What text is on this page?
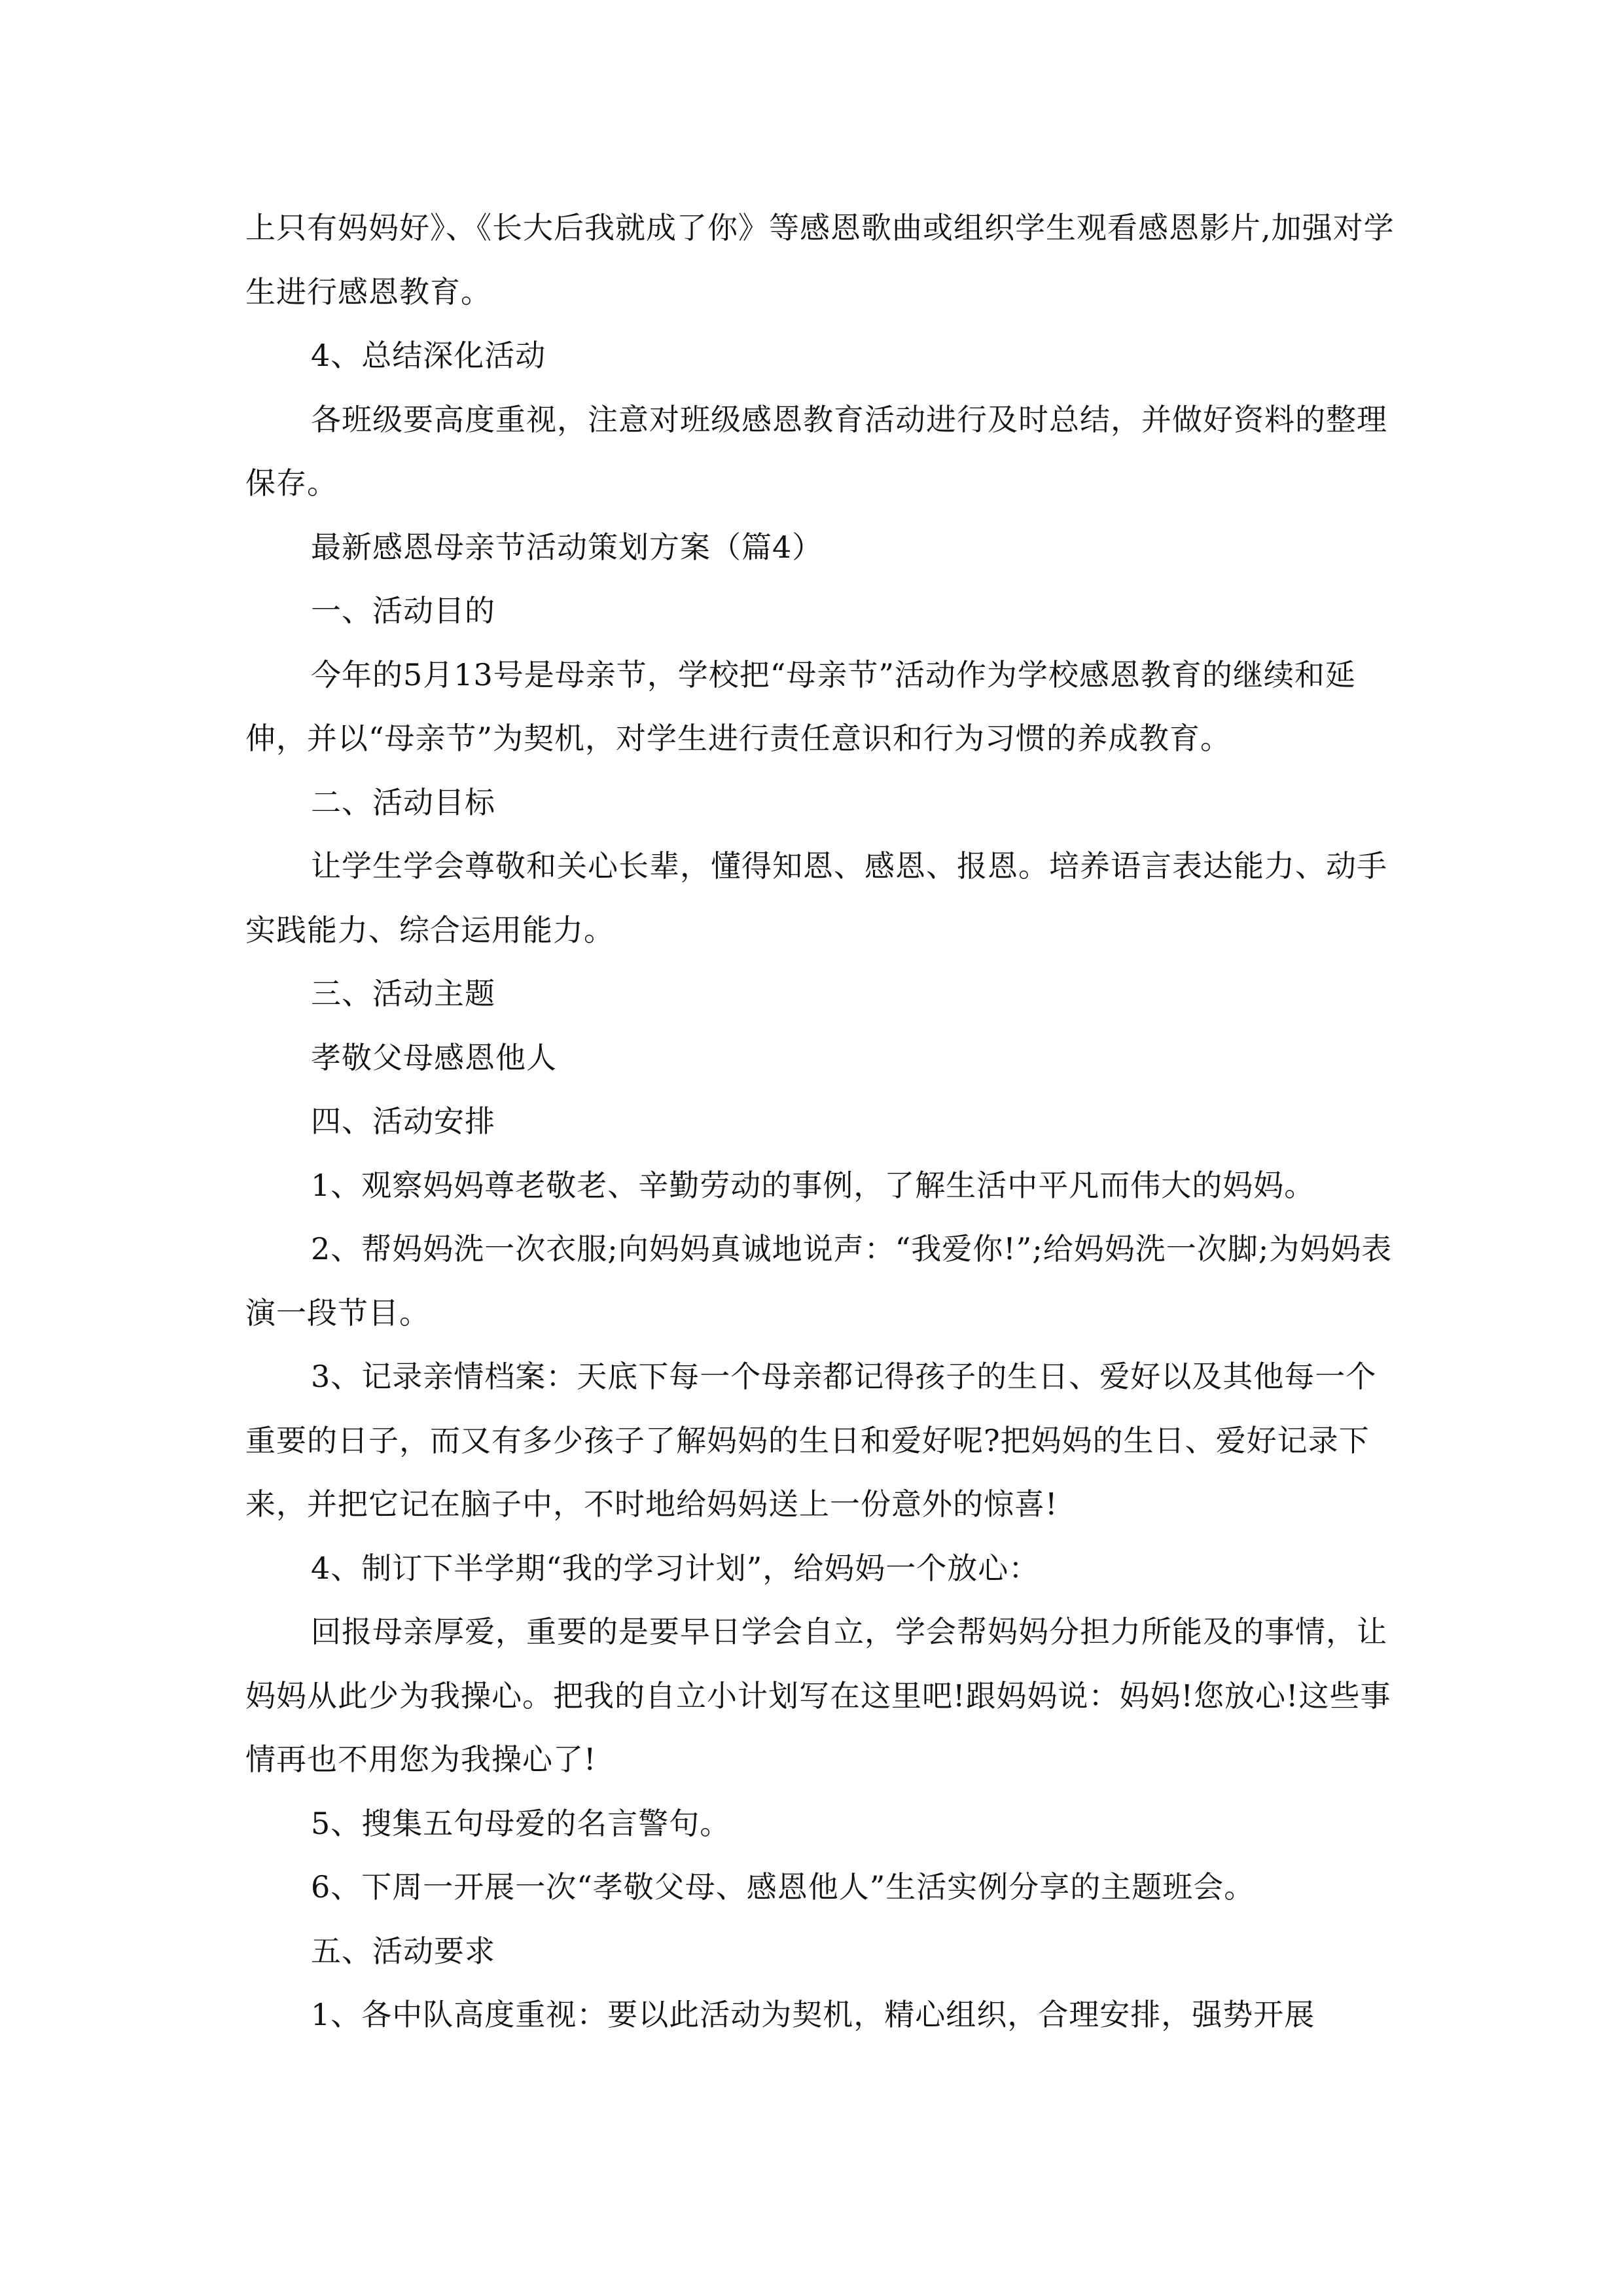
上只有妈妈好》、《长大后我就成了你》等感恩歌曲或组织学生观看感恩影片,加强对学生进行感恩教育。

4、总结深化活动

各班级要高度重视，注意对班级感恩教育活动进行及时总结，并做好资料的整理保存。

最新感恩母亲节活动策划方案（篇4）

一、活动目的

今年的5月13号是母亲节，学校把“母亲节”活动作为学校感恩教育的继续和延伸，并以“母亲节”为契机，对学生进行责任意识和行为习惯的养成教育。

二、活动目标

让学生学会尊敬和关心长辈，懂得知恩、感恩、报恩。培养语言表达能力、动手实践能力、综合运用能力。

三、活动主题

孝敬父母感恩他人

四、活动安排

1、观察妈妈尊老敬老、辛勤劳动的事例，了解生活中平凡而伟大的妈妈。

2、帮妈妈洗一次衣服;向妈妈真诚地说声：“我爱你!”;给妈妈洗一次脚;为妈妈表演一段节目。

3、记录亲情档案：天底下每一个母亲都记得孩子的生日、爱好以及其他每一个重要的日子，而又有多少孩子了解妈妈的生日和爱好呢?把妈妈的生日、爱好记录下来，并把它记在脑子中，不时地给妈妈送上一份意外的惊喜!

4、制订下半学期“我的学习计划”，给妈妈一个放心：

回报母亲厚爱，重要的是要早日学会自立，学会帮妈妈分担力所能及的事情，让妈妈从此少为我操心。把我的自立小计划写在这里吧!跟妈妈说：妈妈!您放心!这些事情再也不用您为我操心了!

5、搜集五句母爱的名言警句。

6、下周一开展一次“孝敬父母、感恩他人”生活实例分享的主题班会。

五、活动要求

1、各中队高度重视：要以此活动为契机，精心组织，合理安排，强势开展
